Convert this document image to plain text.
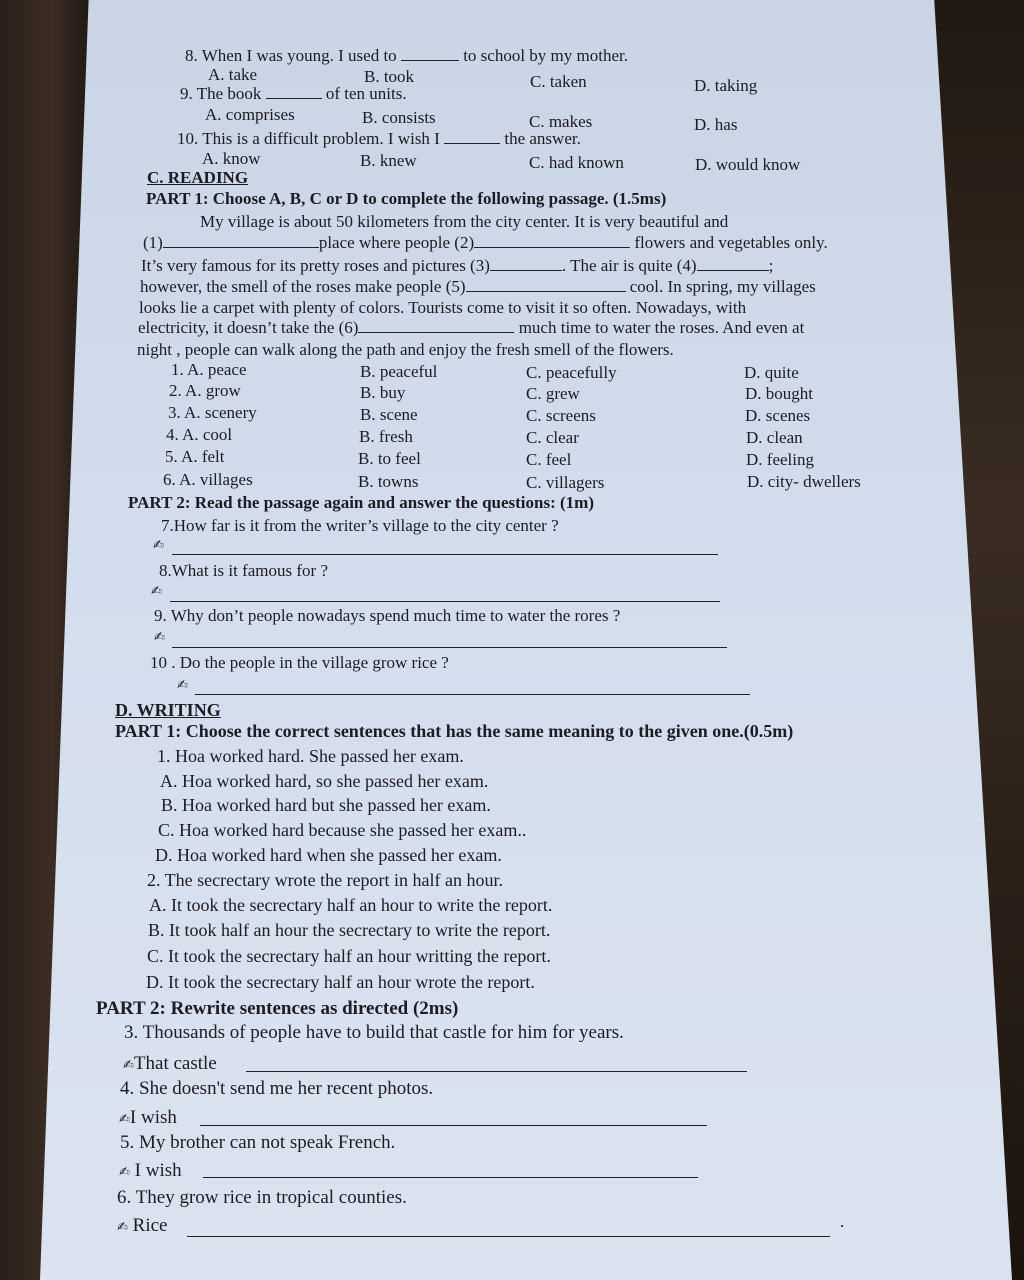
8. When I was young. I used to	to school by my mother.
A. take	B. took	C. taken	D. taking
9. The book	of ten units.
A. comprises	B. consists	C. makes	D. has
10. This is a difficult problem. I wish I	the answer.
A. know	B. knew	C. had known	D. would know
C. READING
PART 1: Choose A, B, C or D to complete the following passage. (1.5ms)
My village is about 50 kilometers from the city center. It is very beautiful and
(1)	place where people (2)	flowers and vegetables only.
It’s very famous for its pretty roses and pictures (3)	. The air is quite (4)	;
however, the smell of the roses make people (5)	cool. In spring, my villages
looks lie a carpet with plenty of colors. Tourists come to visit it so often. Nowadays, with
electricity, it doesn’t take the (6)	much time to water the roses. And even at
night , people can walk along the path and enjoy the fresh smell of the flowers.
1. A. peace	B. peaceful	C. peacefully	D. quite
2. A. grow	B. buy	C. grew	D. bought
3. A. scenery	B. scene	C. screens	D. scenes
4. A. cool	B. fresh	C. clear	D. clean
5. A. felt	B. to feel	C. feel	D. feeling
6. A. villages	B. towns	C. villagers	D. city- dwellers
PART 2: Read the passage again and answer the questions: (1m)
7.How far is it from the writer’s village to the city center ?
✍
8.What is it famous for ?
✍
9. Why don’t people nowadays spend much time to water the rores ?
✍
10 . Do the people in the village grow rice ?
✍
D. WRITING
PART 1: Choose the correct sentences that has the same meaning to the given one.(0.5m)
1. Hoa worked hard. She passed her exam.
A. Hoa worked hard, so she passed her exam.
B. Hoa worked hard but she passed her exam.
C. Hoa worked hard because she passed her exam..
D. Hoa worked hard when she passed her exam.
2. The secrectary wrote the report in half an hour.
A. It took the secrectary half an hour to write the report.
B. It took half an hour the secrectary to write the report.
C. It took the secrectary half an hour writting the report.
D. It took the secrectary half an hour wrote the report.
PART 2: Rewrite sentences as directed (2ms)
3. Thousands of people have to build that castle for him for years.
✍That castle
4. She doesn't send me her recent photos.
✍I wish
5. My brother can not speak French.
✍ I wish
6. They grow rice in tropical counties.
✍ Rice	.
